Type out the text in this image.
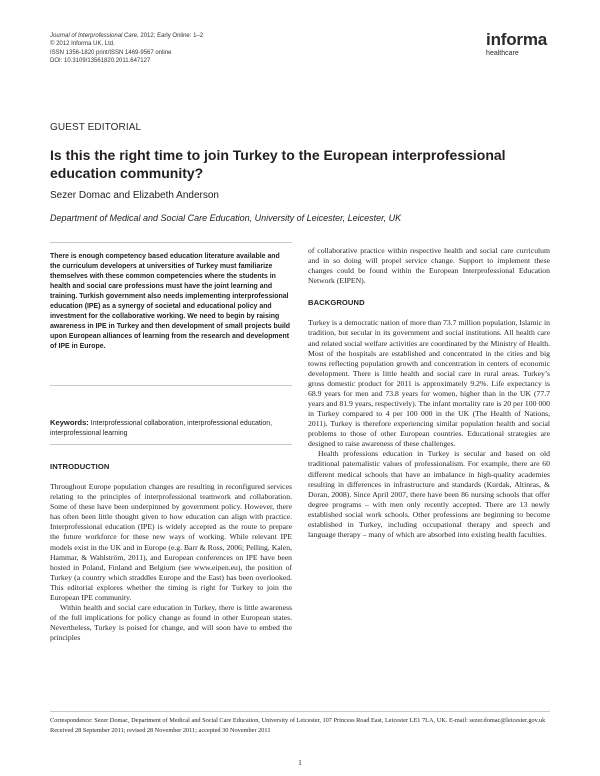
Journal of Interprofessional Care, 2012; Early Online: 1–2
© 2012 Informa UK, Ltd.
ISSN 1356-1820 print/ISSN 1469-9567 online
DOI: 10.3109/13561820.2011.647127
informa
healthcare
GUEST EDITORIAL
Is this the right time to join Turkey to the European interprofessional education community?
Sezer Domac and Elizabeth Anderson
Department of Medical and Social Care Education, University of Leicester, Leicester, UK
There is enough competency based education literature available and the curriculum developers at universities of Turkey must familiarize themselves with these common competencies where the students in health and social care professions must have the joint learning and training. Turkish government also needs implementing interprofessional education (IPE) as a synergy of societal and educational policy and investment for the collaborative working. We need to begin by raising awareness in IPE in Turkey and then development of small projects build upon European alliances of learning from the research and development of IPE in Europe.
Keywords: Interprofessional collaboration, interprofessional education, interprofessional learning
INTRODUCTION

Throughout Europe population changes are resulting in reconfigured services relating to the principles of interprofessional teamwork and collaboration. Some of these have been underpinned by government policy. However, there has often been little thought given to how education can align with practice. Interprofessional education (IPE) is widely accepted as the route to prepare the future workforce for these new ways of working. While relevant IPE models exist in the UK and in Europe (e.g. Barr & Ross, 2006; Pelling, Kalen, Hammar, & Wahlström, 2011), and European conferences on IPE have been hosted in Poland, Finland and Belgium (see www.eipen.eu), the position of Turkey (a country which straddles Europe and the East) has been overlooked. This editorial explores whether the timing is right for Turkey to join the European IPE community.

Within health and social care education in Turkey, there is little awareness of the full implications for policy change as found in other European states. Nevertheless, Turkey is poised for change, and will soon have to embed the principles

of collaborative practice within respective health and social care curriculum and in so doing will propel service change. Support to implement these changes could be found within the European Interprofessional Education Network (EIPEN).

BACKGROUND

Turkey is a democratic nation of more than 73.7 million population, Islamic in tradition, but secular in its government and social institutions. All health care and related social welfare activities are coordinated by the Ministry of Health. Most of the hospitals are established and concentrated in the cities and big towns reflecting population growth and concentration in centers of economic development. There is little health and social care in rural areas. Turkey’s gross domestic product for 2011 is approximately 9.2%. Life expectancy is 68.9 years for men and 73.8 years for women, higher than in the UK (77.7 years and 81.9 years, respectively). The infant mortality rate is 20 per 100 000 in Turkey compared to 4 per 100 000 in the UK (The Health of Nations, 2011). Turkey is therefore experiencing similar population health and social problems to those of other European countries. Educational strategies are designed to raise awareness of these challenges.

Health professions education in Turkey is secular and based on old traditional paternalistic values of professionalism. For example, there are 60 different medical schools that have an imbalance in high-quality academies resulting in differences in infrastructure and standards (Kurdak, Altinras, & Doran, 2008). Since April 2007, there have been 86 nursing schools that offer degree programs – with men only recently accepted. There are 13 newly established social work schools. Other professions are beginning to become established in Turkey, including occupational therapy and speech and language therapy – many of which are absorbed into existing health faculties.

Correspondence: Sezer Domac, Department of Medical and Social Care Education, University of Leicester, 107 Princess Road East, Leicester LE1 7LA, UK. E-mail: sezer.domac@leicester.gov.uk
Received 28 September 2011; revised 28 November 2011; accepted 30 November 2011
1
